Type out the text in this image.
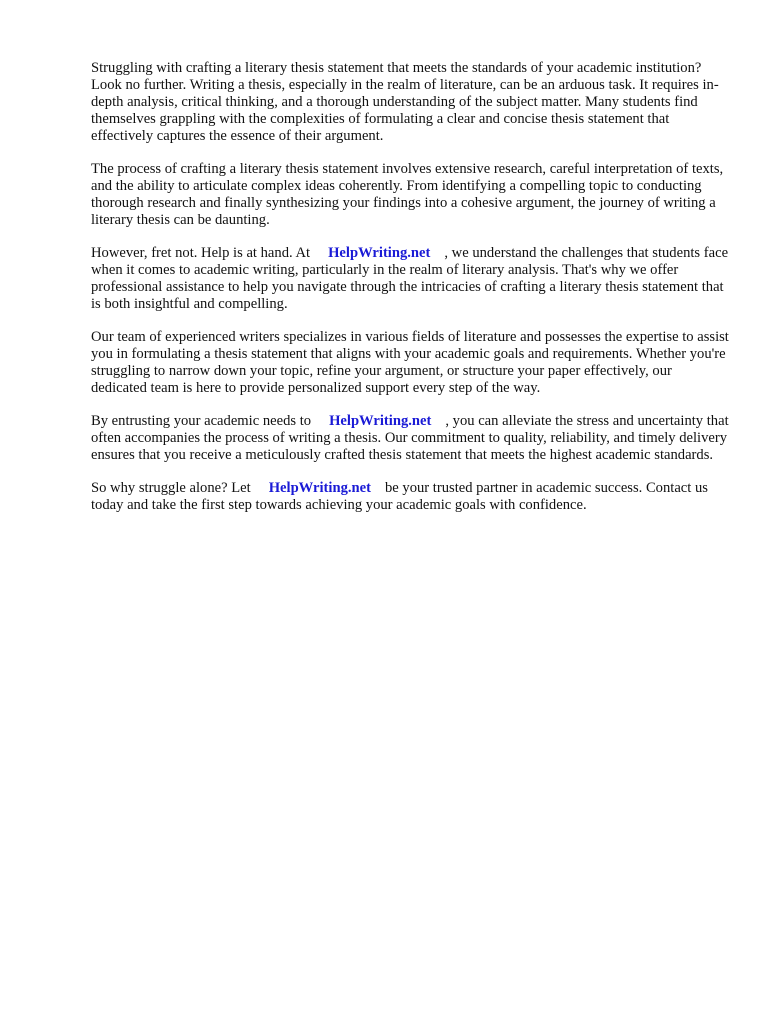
Struggling with crafting a literary thesis statement that meets the standards of your academic institution? Look no further. Writing a thesis, especially in the realm of literature, can be an arduous task. It requires in-depth analysis, critical thinking, and a thorough understanding of the subject matter. Many students find themselves grappling with the complexities of formulating a clear and concise thesis statement that effectively captures the essence of their argument.

The process of crafting a literary thesis statement involves extensive research, careful interpretation of texts, and the ability to articulate complex ideas coherently. From identifying a compelling topic to conducting thorough research and finally synthesizing your findings into a cohesive argument, the journey of writing a literary thesis can be daunting.

However, fret not. Help is at hand. At HelpWriting.net , we understand the challenges that students face when it comes to academic writing, particularly in the realm of literary analysis. That's why we offer professional assistance to help you navigate through the intricacies of crafting a literary thesis statement that is both insightful and compelling.

Our team of experienced writers specializes in various fields of literature and possesses the expertise to assist you in formulating a thesis statement that aligns with your academic goals and requirements. Whether you're struggling to narrow down your topic, refine your argument, or structure your paper effectively, our dedicated team is here to provide personalized support every step of the way.

By entrusting your academic needs to HelpWriting.net , you can alleviate the stress and uncertainty that often accompanies the process of writing a thesis. Our commitment to quality, reliability, and timely delivery ensures that you receive a meticulously crafted thesis statement that meets the highest academic standards.

So why struggle alone? Let HelpWriting.net be your trusted partner in academic success. Contact us today and take the first step towards achieving your academic goals with confidence.
